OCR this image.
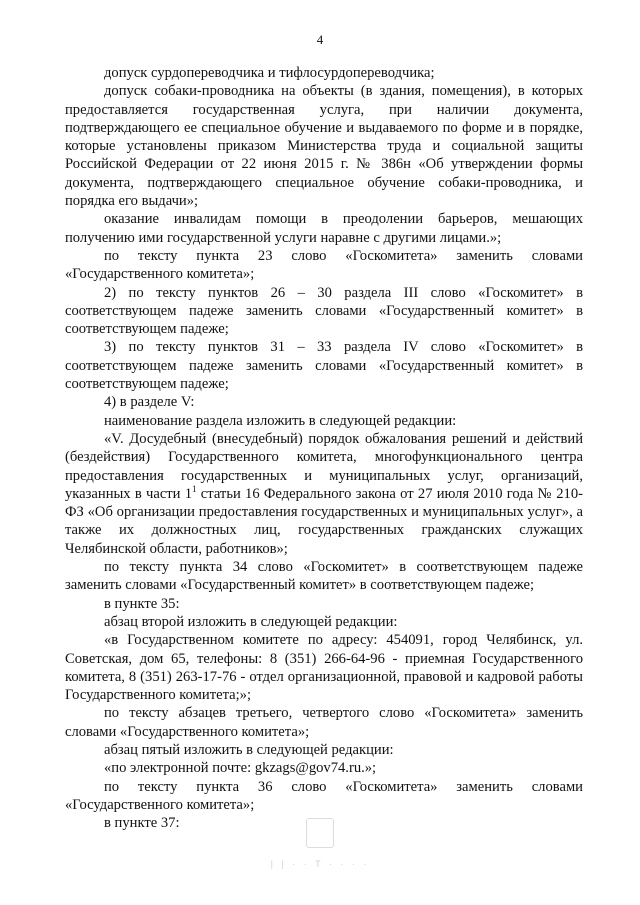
4

допуск сурдопереводчика и тифлосурдопереводчика;

допуск собаки-проводника на объекты (в здания, помещения), в которых предоставляется государственная услуга, при наличии документа, подтверждающего ее специальное обучение и выдаваемого по форме и в порядке, которые установлены приказом Министерства труда и социальной защиты Российской Федерации от 22 июня 2015 г. № 386н «Об утверждении формы документа, подтверждающего специальное обучение собаки-проводника, и порядка его выдачи»;

оказание инвалидам помощи в преодолении барьеров, мешающих получению ими государственной услуги наравне с другими лицами.»;

по тексту пункта 23 слово «Госкомитета» заменить словами «Государственного комитета»;

2) по тексту пунктов 26 – 30 раздела III слово «Госкомитет» в соответствующем падеже заменить словами «Государственный комитет» в соответствующем падеже;

3) по тексту пунктов 31 – 33 раздела IV слово «Госкомитет» в соответствующем падеже заменить словами «Государственный комитет» в соответствующем падеже;

4) в разделе V:

наименование раздела изложить в следующей редакции:

«V. Досудебный (внесудебный) порядок обжалования решений и действий (бездействия) Государственного комитета, многофункционального центра предоставления государственных и муниципальных услуг, организаций, указанных в части $1^1$ статьи 16 Федерального закона от 27 июля 2010 года № 210-ФЗ «Об организации предоставления государственных и муниципальных услуг», а также их должностных лиц, государственных гражданских служащих Челябинской области, работников»;

по тексту пункта 34 слово «Госкомитет» в соответствующем падеже заменить словами «Государственный комитет» в соответствующем падеже;

в пункте 35:

абзац второй изложить в следующей редакции:

«в Государственном комитете по адресу: 454091, город Челябинск, ул. Советская, дом 65, телефоны: 8 (351) 266-64-96 - приемная Государственного комитета, 8 (351) 263-17-76 - отдел организационной, правовой и кадровой работы Государственного комитета;»;

по тексту абзацев третьего, четвертого слово «Госкомитета» заменить словами «Государственного комитета»;

абзац пятый изложить в следующей редакции:

«по электронной почте: gkzags@gov74.ru.»;

по тексту пункта 36 слово «Госкомитета» заменить словами «Государственного комитета»;

в пункте 37:

| | · · T · · · ·
